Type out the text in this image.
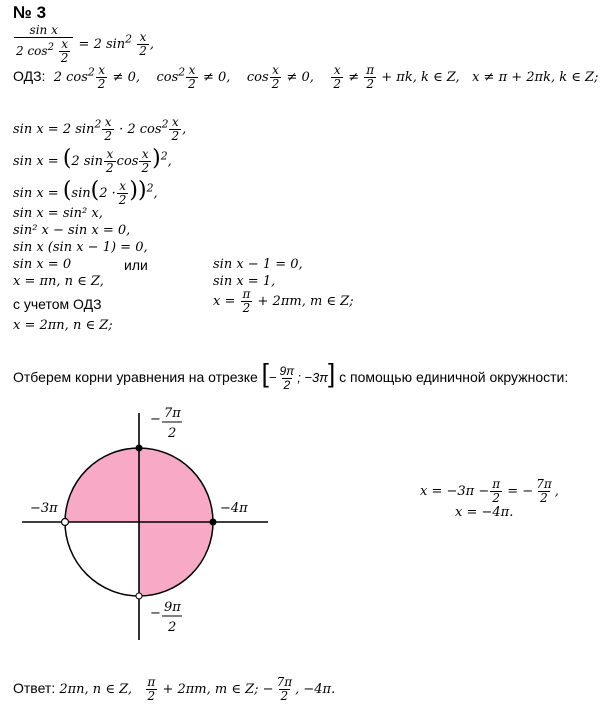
№ 3
$\frac{\text{sin x}}{2 \cos^2 \frac{x}{2}} = 2$ $\sin^2 \frac{x}{2}$ ,
ОДЗ: 2 $\cos^2 \frac{x}{2} \ne 0$, $\cos^2 \frac{x}{2} \ne 0$, $\cos \frac{x}{2} \ne 0$, $\frac{x}{2} \ne \frac{\pi}{2} + \pi k$, k ∈ Z, x ≠ π + 2πk, k ∈ Z;
sin x = 2 $\sin^2 \frac{x}{2} \cdot 2$ $\cos^2 \frac{x}{2}$ ,
sin x = (2 $\sin \frac{x}{2}$ $\cos \frac{x}{2} )^2$,
$\sin x = (\sin(2 \cdot \frac{x}{2} ))^2$,
sin x = sin² x,
sin² x − sin x = 0,
sin x (sin x − 1) = 0,
sin x = 0	или	sin x − 1 = 0,
x = πn, n ∈ Z,	sin x = 1,
с учетом ОДЗ	$x = \frac{\pi}{2} + 2\pi m$, m ∈ Z;
x = 2πn, n ∈ Z;
Отберем корни уравнения на отрезке [− $\frac{9\pi}{2}$ ; −3π] с помощью единичной окружности:
− 7π
2
− 9π
2
−3π	−4π
$x = -3\pi - \frac{\pi}{2}$ = − $\frac{7\pi}{2}$ ,
x = −4π.
Ответ: 2πn, n ∈ Z, $\frac{\pi}{2} + 2\pi m$, m ∈ Z; − $\frac{7\pi}{2}$ , −4π.
